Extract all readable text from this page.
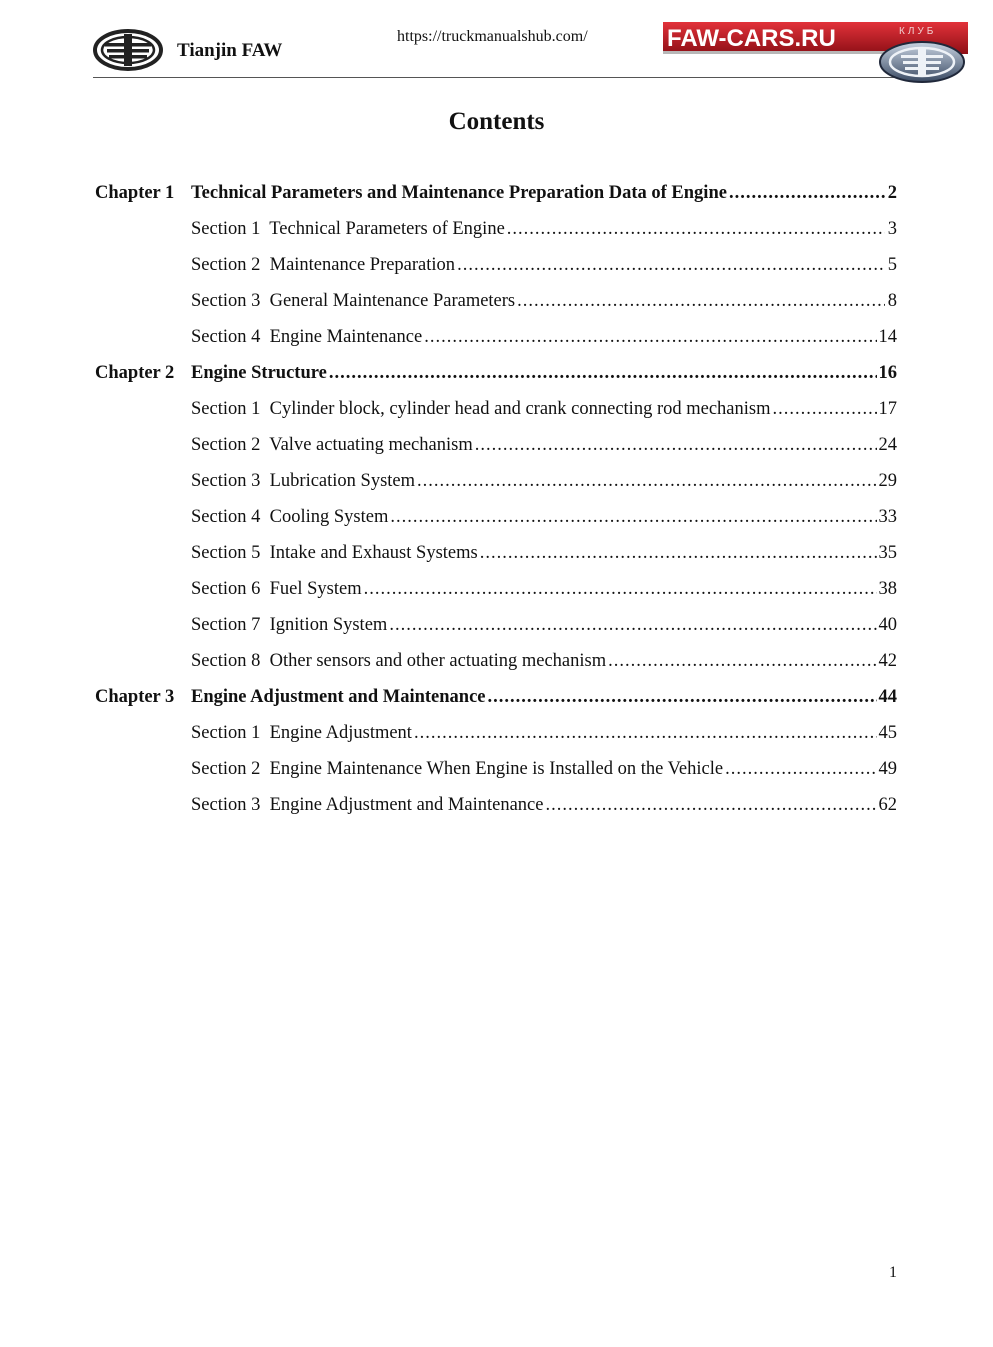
Tianjin FAW
https://truckmanualshub.com/	FAW-CARS.RU	КЛУБ
Contents
Chapter 1 Technical Parameters and Maintenance Preparation Data of Engine .....	2
Section 1  Technical Parameters of Engine .....	3
Section 2  Maintenance Preparation .....	5
Section 3  General Maintenance Parameters .....	8
Section 4  Engine Maintenance .....	14
Chapter 2 Engine Structure .....	16
Section 1  Cylinder block, cylinder head and crank connecting rod mechanism .....	17
Section 2  Valve actuating mechanism .....	24
Section 3  Lubrication System .....	29
Section 4  Cooling System .....	33
Section 5  Intake and Exhaust Systems .....	35
Section 6  Fuel System .....	38
Section 7  Ignition System .....	40
Section 8  Other sensors and other actuating mechanism .....	42
Chapter 3 Engine Adjustment and Maintenance .....	44
Section 1  Engine Adjustment .....	45
Section 2  Engine Maintenance When Engine is Installed on the Vehicle .....	49
Section 3  Engine Adjustment and Maintenance .....	62
1
